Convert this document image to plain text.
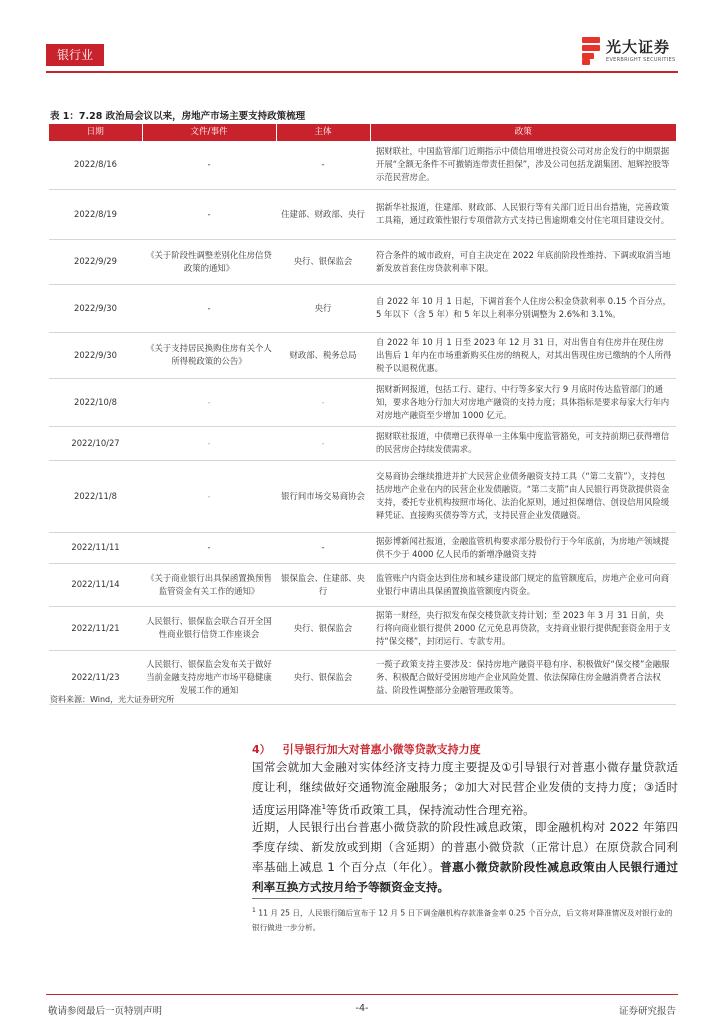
银行业	光大证券
EVERBRIGHT SECURITIES
表 1：7.28 政治局会议以来，房地产市场主要支持政策梳理
日期	文件/事件	主体	政策
2022/8/16	-	-	据财联社，中国监管部门近期指示中债信用增进投资公司对房企发行的中期票据开展“全额无条件不可撤销连带责任担保”，涉及公司包括龙湖集团、旭辉控股等示范民营房企。
2022/8/19	-	住建部、财政部、央行	据新华社报道，住建部、财政部、人民银行等有关部门近日出台措施，完善政策工具箱，通过政策性银行专项借款方式支持已售逾期难交付住宅项目建设交付。
2022/9/29	《关于阶段性调整差别化住房信贷政策的通知》	央行、银保监会	符合条件的城市政府，可自主决定在 2022 年底前阶段性维持、下调或取消当地新发放首套住房贷款利率下限。
2022/9/30	-	央行	自 2022 年 10 月 1 日起，下调首套个人住房公积金贷款利率 0.15 个百分点，5 年以下（含 5 年）和 5 年以上利率分别调整为 2.6%和 3.1%。
2022/9/30	《关于支持居民换购住房有关个人所得税政策的公告》	财政部、税务总局	自 2022 年 10 月 1 日至 2023 年 12 月 31 日，对出售自有住房并在现住房出售后 1 年内在市场重新购买住房的纳税人，对其出售现住房已缴纳的个人所得税予以退税优惠。
2022/10/8	-	-	据财新网报道，包括工行、建行、中行等多家大行 9 月底时传达监管部门的通知，要求各地分行加大对房地产融资的支持力度；具体指标是要求每家大行年内对房地产融资至少增加 1000 亿元。
2022/10/27	-	-	据财联社报道，中债增已获得单一主体集中度监管豁免，可支持前期已获得增信的民营房企持续发债需求。
2022/11/8	-	银行间市场交易商协会	交易商协会继续推进并扩大民营企业债务融资支持工具（“第二支箭”），支持包括房地产企业在内的民营企业发债融资。“第二支箭”由人民银行再贷款提供资金支持，委托专业机构按照市场化、法治化原则，通过担保增信、创设信用风险缓释凭证、直接购买债券等方式，支持民营企业发债融资。
2022/11/11	-	-	据彭博新闻社报道，金融监管机构要求部分股份行于今年底前，为房地产领域提供不少于 4000 亿人民币的新增净融资支持
2022/11/14	《关于商业银行出具保函置换预售监管资金有关工作的通知》	银保监会、住建部、央行	监管账户内资金达到住房和城乡建设部门规定的监管额度后，房地产企业可向商业银行申请出具保函置换监管额度内资金。
2022/11/21	人民银行、银保监会联合召开全国性商业银行信贷工作座谈会	央行、银保监会	据第一财经，央行拟发布保交楼贷款支持计划；至 2023 年 3 月 31 日前，央行将向商业银行提供 2000 亿元免息再贷款，支持商业银行提供配套资金用于支持“保交楼”，封闭运行、专款专用。
2022/11/23	人民银行、银保监会发布关于做好当前金融支持房地产市场平稳健康发展工作的通知	央行、银保监会	一揽子政策支持主要涉及：保持房地产融资平稳有序、积极做好“保交楼”金融服务、积极配合做好受困房地产企业风险处置、依法保障住房金融消费者合法权益、阶段性调整部分金融管理政策等。
资料来源：Wind，光大证券研究所
4） 引导银行加大对普惠小微等贷款支持力度
国常会就加大金融对实体经济支持力度主要提及①引导银行对普惠小微存量贷款适度让利，继续做好交通物流金融服务；②加大对民营企业发债的支持力度；③适时适度运用降准$^1$等货币政策工具，保持流动性合理充裕。
近期，人民银行出台普惠小微贷款的阶段性减息政策，即金融机构对 2022 年第四季度存续、新发放或到期（含延期）的普惠小微贷款（正常计息）在原贷款合同利率基础上减息 1 个百分点（年化）。普惠小微贷款阶段性减息政策由人民银行通过利率互换方式按月给予等额资金支持。
$^1$ 11 月 25 日，人民银行随后宣布于 12 月 5 日下调金融机构存款准备金率 0.25 个百分点，后文将对降准情况及对银行业的银行做进一步分析。
敬请参阅最后一页特别声明	-4-	证券研究报告
